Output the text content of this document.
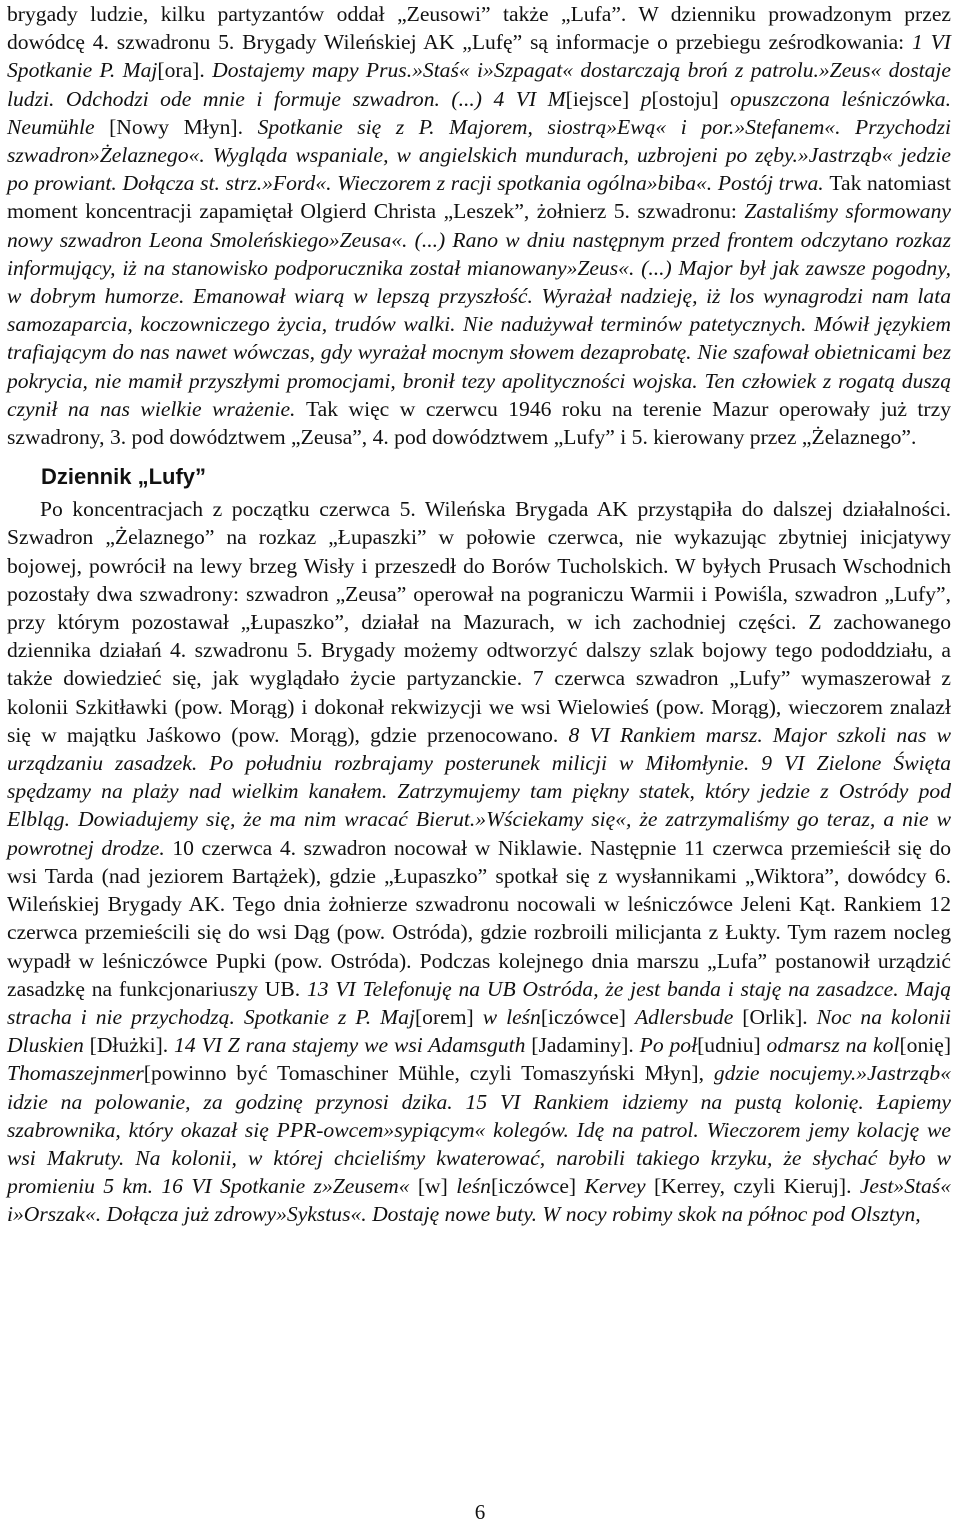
brygady ludzie, kilku partyzantów oddał „Zeusowi” także „Lufa”. W dzienniku prowadzonym przez dowódcę 4. szwadronu 5. Brygady Wileńskiej AK „Lufę” są informacje o przebiegu ześrodkowania: 1 VI Spotkanie P. Maj[ora]. Dostajemy mapy Prus.»Staś« i»Szpagat« dostarczają broń z patrolu.»Zeus« dostaje ludzi. Odchodzi ode mnie i formuje szwadron. (...) 4 VI M[iejsce] p[ostoju] opuszczona leśniczówka. Neumühle [Nowy Młyn]. Spotkanie się z P. Majorem, siostrą»Ewą« i por.»Stefanem«. Przychodzi szwadron»Żelaznego«. Wygląda wspaniale, w angielskich mundurach, uzbrojeni po zęby.»Jastrząb« jedzie po prowiant. Dołącza st. strz.»Ford«. Wieczorem z racji spotkania ogólna»biba«. Postój trwa. Tak natomiast moment koncentracji zapamiętał Olgierd Christa „Leszek”, żołnierz 5. szwadronu: Zastaliśmy sformowany nowy szwadron Leona Smoleńskiego»Zeusa«. (...) Rano w dniu następnym przed frontem odczytano rozkaz informujący, iż na stanowisko podporucznika został mianowany»Zeus«. (...) Major był jak zawsze pogodny, w dobrym humorze. Emanował wiarą w lepszą przyszłość. Wyrażał nadzieję, iż los wynagrodzi nam lata samozaparcia, koczowniczego życia, trudów walki. Nie nadużywał terminów patetycznych. Mówił językiem trafiającym do nas nawet wówczas, gdy wyrażał mocnym słowem dezaprobatę. Nie szafował obietnicami bez pokrycia, nie mamił przyszłymi promocjami, bronił tezy apolityczności wojska. Ten człowiek z rogatą duszą czynił na nas wielkie wrażenie. Tak więc w czerwcu 1946 roku na terenie Mazur operowały już trzy szwadrony, 3. pod dowództwem „Zeusa”, 4. pod dowództwem „Lufy” i 5. kierowany przez „Żelaznego”.

Dziennik „Lufy”

Po koncentracjach z początku czerwca 5. Wileńska Brygada AK przystąpiła do dalszej działalności. Szwadron „Żelaznego” na rozkaz „Łupaszki” w połowie czerwca, nie wykazując zbytniej inicjatywy bojowej, powrócił na lewy brzeg Wisły i przeszedł do Borów Tucholskich. W byłych Prusach Wschodnich pozostały dwa szwadrony: szwadron „Zeusa” operował na pograniczu Warmii i Powiśla, szwadron „Lufy”, przy którym pozostawał „Łupaszko”, działał na Mazurach, w ich zachodniej części. Z zachowanego dziennika działań 4. szwadronu 5. Brygady możemy odtworzyć dalszy szlak bojowy tego pododdziału, a także dowiedzieć się, jak wyglądało życie partyzanckie. 7 czerwca szwadron „Lufy” wymaszerował z kolonii Szkitławki (pow. Morąg) i dokonał rekwizycji we wsi Wielowieś (pow. Morąg), wieczorem znalazł się w majątku Jaśkowo (pow. Morąg), gdzie przenocowano. 8 VI Rankiem marsz. Major szkoli nas w urządzaniu zasadzek. Po południu rozbrajamy posterunek milicji w Miłomłynie. 9 VI Zielone Święta spędzamy na plaży nad wielkim kanałem. Zatrzymujemy tam piękny statek, który jedzie z Ostródy pod Elbląg. Dowiadujemy się, że ma nim wracać Bierut.»Wściekamy się«, że zatrzymaliśmy go teraz, a nie w powrotnej drodze. 10 czerwca 4. szwadron nocował w Niklawie. Następnie 11 czerwca przemieścił się do wsi Tarda (nad jeziorem Bartążek), gdzie „Łupaszko” spotkał się z wysłannikami „Wiktora”, dowódcy 6. Wileńskiej Brygady AK. Tego dnia żołnierze szwadronu nocowali w leśniczówce Jeleni Kąt. Rankiem 12 czerwca przemieścili się do wsi Dąg (pow. Ostróda), gdzie rozbroili milicjanta z Łukty. Tym razem nocleg wypadł w leśniczówce Pupki (pow. Ostróda). Podczas kolejnego dnia marszu „Lufa” postanowił urządzić zasadzkę na funkcjonariuszy UB. 13 VI Telefonuję na UB Ostróda, że jest banda i staję na zasadzce. Mają stracha i nie przychodzą. Spotkanie z P. Maj[orem] w leśn[iczówce] Adlersbude [Orlik]. Noc na kolonii Dluskien [Dłużki]. 14 VI Z rana stajemy we wsi Adamsguth [Jadaminy]. Po poł[udniu] odmarsz na kol[onię] Thomaszejnmer[powinno być Tomaschiner Mühle, czyli Tomaszyński Młyn], gdzie nocujemy.»Jastrząb« idzie na polowanie, za godzinę przynosi dzika. 15 VI Rankiem idziemy na pustą kolonię. Łapiemy szabrownika, który okazał się PPR-owcem»sypiącym« kolegów. Idę na patrol. Wieczorem jemy kolację we wsi Makruty. Na kolonii, w której chcieliśmy kwaterować, narobili takiego krzyku, że słychać było w promieniu 5 km. 16 VI Spotkanie z»Zeusem« [w] leśn[iczówce] Kervey [Kerrey, czyli Kieruj]. Jest»Staś« i»Orszak«. Dołącza już zdrowy»Sykstus«. Dostaję nowe buty. W nocy robimy skok na północ pod Olsztyn,

6
